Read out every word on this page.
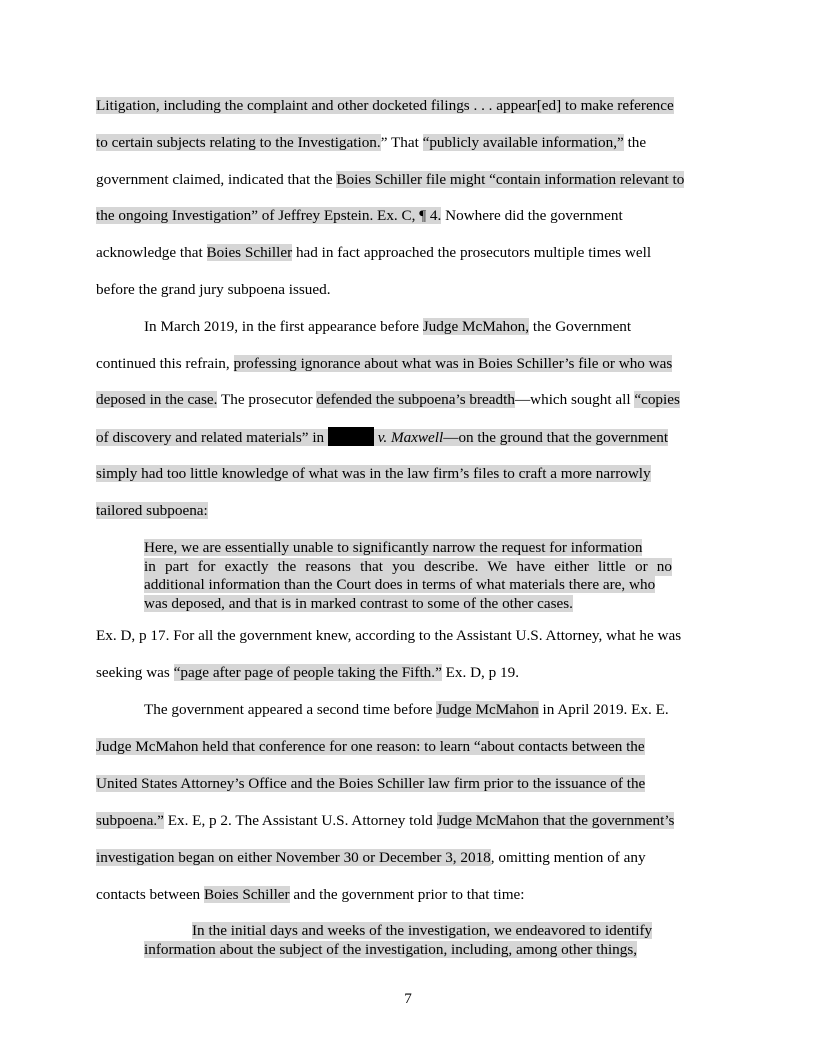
Litigation, including the complaint and other docketed filings . . . appear[ed] to make reference
to certain subjects relating to the Investigation.” That “publicly available information,” the
government claimed, indicated that the Boies Schiller file might “contain information relevant to
the ongoing Investigation” of Jeffrey Epstein. Ex. C, ¶ 4. Nowhere did the government
acknowledge that Boies Schiller had in fact approached the prosecutors multiple times well
before the grand jury subpoena issued.
In March 2019, in the first appearance before Judge McMahon, the Government
continued this refrain, professing ignorance about what was in Boies Schiller’s file or who was
deposed in the case. The prosecutor defended the subpoena’s breadth—which sought all “copies
of discovery and related materials” in	v. Maxwell—on the ground that the government
simply had too little knowledge of what was in the law firm’s files to craft a more narrowly
tailored subpoena:
Here, we are essentially unable to significantly narrow the request for information
in part for exactly the reasons that you describe. We have either little or no
additional information than the Court does in terms of what materials there are, who
was deposed, and that is in marked contrast to some of the other cases.
Ex. D, p 17. For all the government knew, according to the Assistant U.S. Attorney, what he was
seeking was “page after page of people taking the Fifth.” Ex. D, p 19.
The government appeared a second time before Judge McMahon in April 2019. Ex. E.
Judge McMahon held that conference for one reason: to learn “about contacts between the
United States Attorney’s Office and the Boies Schiller law firm prior to the issuance of the
subpoena.” Ex. E, p 2. The Assistant U.S. Attorney told Judge McMahon that the government’s
investigation began on either November 30 or December 3, 2018, omitting mention of any
contacts between Boies Schiller and the government prior to that time:
In the initial days and weeks of the investigation, we endeavored to identify
information about the subject of the investigation, including, among other things,
7
